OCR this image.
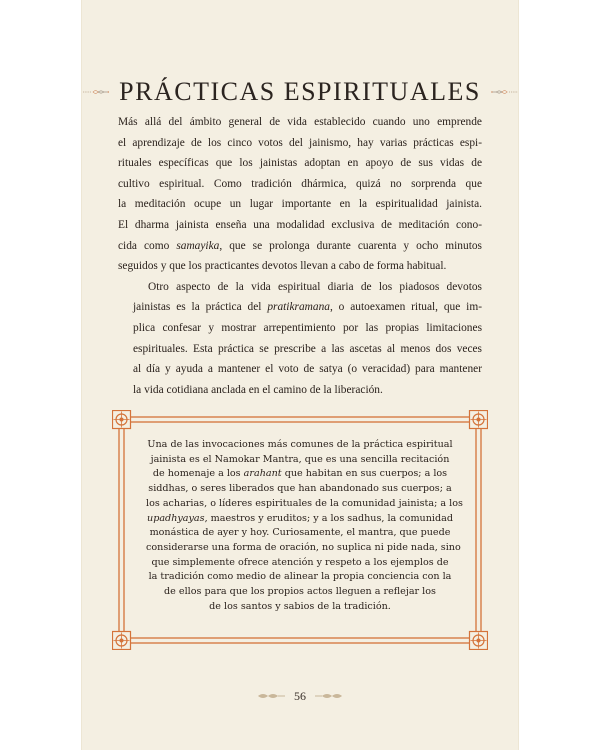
PRÁCTICAS ESPIRITUALES

Más allá del ámbito general de vida establecido cuando uno emprende
el aprendizaje de los cinco votos del jainismo, hay varias prácticas espi-
rituales específicas que los jainistas adoptan en apoyo de sus vidas de
cultivo espiritual. Como tradición dhármica, quizá no sorprenda que
la meditación ocupe un lugar importante en la espiritualidad jainista.
El dharma jainista enseña una modalidad exclusiva de meditación cono-
cida como samayika, que se prolonga durante cuarenta y ocho minutos
seguidos y que los practicantes devotos llevan a cabo de forma habitual.

Otro aspecto de la vida espiritual diaria de los piadosos devotos
jainistas es la práctica del pratikramana, o autoexamen ritual, que im-
plica confesar y mostrar arrepentimiento por las propias limitaciones
espirituales. Esta práctica se prescribe a las ascetas al menos dos veces
al día y ayuda a mantener el voto de satya (o veracidad) para mantener
la vida cotidiana anclada en el camino de la liberación.

Una de las invocaciones más comunes de la práctica espiritual
jainista es el Namokar Mantra, que es una sencilla recitación
de homenaje a los arahant que habitan en sus cuerpos; a los
siddhas, o seres liberados que han abandonado sus cuerpos; a
los acharias, o líderes espirituales de la comunidad jainista; a los
upadhyayas, maestros y eruditos; y a los sadhus, la comunidad
monástica de ayer y hoy. Curiosamente, el mantra, que puede
considerarse una forma de oración, no suplica ni pide nada, sino
que simplemente ofrece atención y respeto a los ejemplos de
la tradición como medio de alinear la propia conciencia con la
de ellos para que los propios actos lleguen a reflejar los
de los santos y sabios de la tradición.
56
